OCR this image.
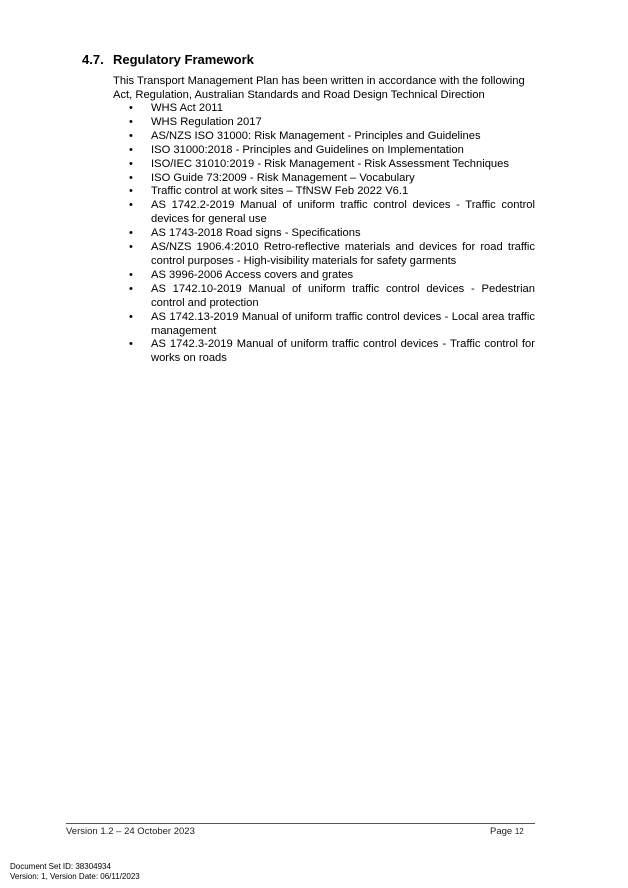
4.7. Regulatory Framework
This Transport Management Plan has been written in accordance with the following Act, Regulation, Australian Standards and Road Design Technical Direction
• WHS Act 2011
• WHS Regulation 2017
• AS/NZS ISO 31000: Risk Management - Principles and Guidelines
• ISO 31000:2018 - Principles and Guidelines on Implementation
• ISO/IEC 31010:2019 - Risk Management - Risk Assessment Techniques
• ISO Guide 73:2009 - Risk Management – Vocabulary
• Traffic control at work sites – TfNSW Feb 2022 V6.1
• AS 1742.2-2019 Manual of uniform traffic control devices - Traffic control devices for general use
• AS 1743-2018 Road signs - Specifications
• AS/NZS 1906.4:2010 Retro-reflective materials and devices for road traffic control purposes - High-visibility materials for safety garments
• AS 3996-2006 Access covers and grates
• AS 1742.10-2019 Manual of uniform traffic control devices - Pedestrian control and protection
• AS 1742.13-2019 Manual of uniform traffic control devices - Local area traffic management
• AS 1742.3-2019 Manual of uniform traffic control devices - Traffic control for works on roads
Version 1.2 – 24 October 2023	Page 12
Document Set ID: 38304934
Version: 1, Version Date: 06/11/2023
